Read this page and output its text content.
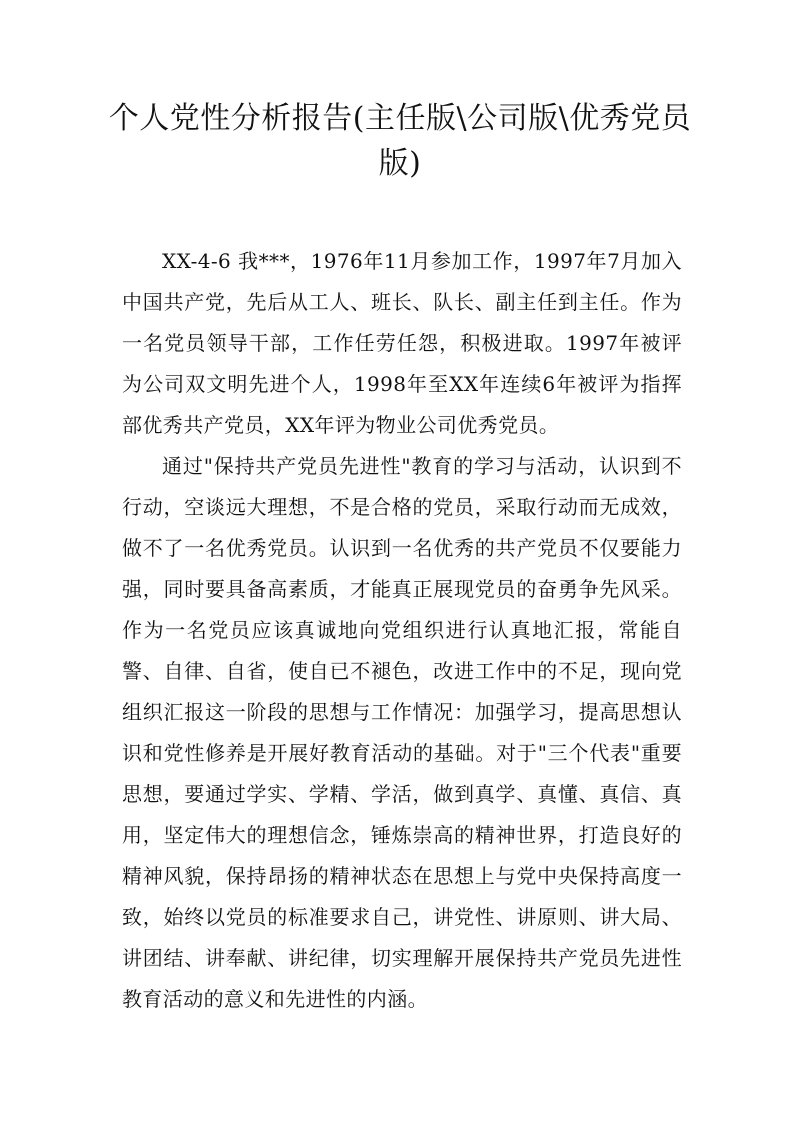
个人党性分析报告(主任版\公司版\优秀党员版)

XX-4-6 我***，1976年11月参加工作，1997年7月加入中国共产党，先后从工人、班长、队长、副主任到主任。作为一名党员领导干部，工作任劳任怨，积极进取。1997年被评为公司双文明先进个人，1998年至XX年连续6年被评为指挥部优秀共产党员，XX年评为物业公司优秀党员。

通过"保持共产党员先进性"教育的学习与活动，认识到不行动，空谈远大理想，不是合格的党员，采取行动而无成效，做不了一名优秀党员。认识到一名优秀的共产党员不仅要能力强，同时要具备高素质，才能真正展现党员的奋勇争先风采。作为一名党员应该真诚地向党组织进行认真地汇报，常能自警、自律、自省，使自已不褪色，改进工作中的不足，现向党组织汇报这一阶段的思想与工作情况：加强学习，提高思想认识和党性修养是开展好教育活动的基础。对于"三个代表"重要思想，要通过学实、学精、学活，做到真学、真懂、真信、真用，坚定伟大的理想信念，锤炼崇高的精神世界，打造良好的精神风貌，保持昂扬的精神状态在思想上与党中央保持高度一致，始终以党员的标准要求自己，讲党性、讲原则、讲大局、讲团结、讲奉献、讲纪律，切实理解开展保持共产党员先进性教育活动的意义和先进性的内涵。
